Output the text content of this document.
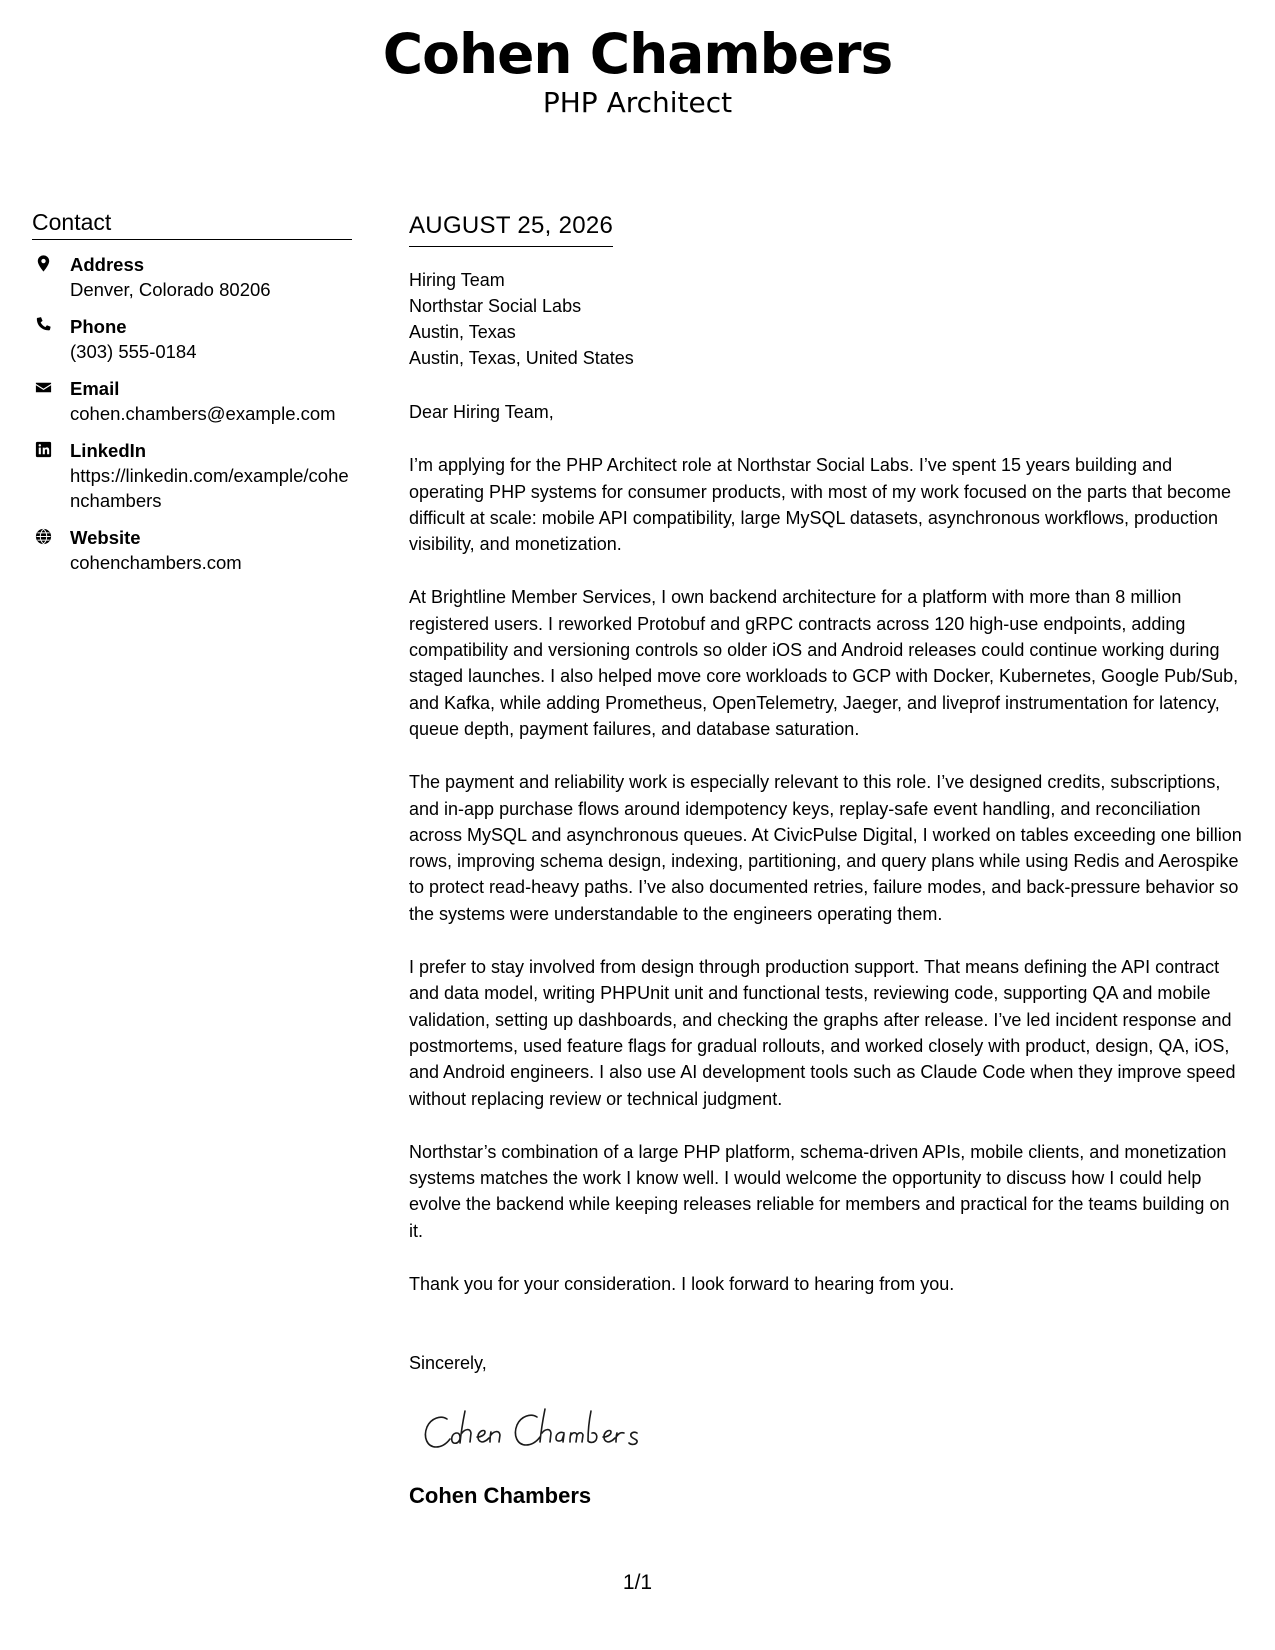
Cohen Chambers
PHP Architect
Contact
Address
Denver, Colorado 80206
Phone
(303) 555-0184
Email
cohen.chambers@example.com
LinkedIn
https://linkedin.com/example/cohenchambers
Website
cohenchambers.com
AUGUST 25, 2026
Hiring Team
Northstar Social Labs
Austin, Texas
Austin, Texas, United States
Dear Hiring Team,
I’m applying for the PHP Architect role at Northstar Social Labs. I’ve spent 15 years building and operating PHP systems for consumer products, with most of my work focused on the parts that become difficult at scale: mobile API compatibility, large MySQL datasets, asynchronous workflows, production visibility, and monetization.
At Brightline Member Services, I own backend architecture for a platform with more than 8 million registered users. I reworked Protobuf and gRPC contracts across 120 high-use endpoints, adding compatibility and versioning controls so older iOS and Android releases could continue working during staged launches. I also helped move core workloads to GCP with Docker, Kubernetes, Google Pub/Sub, and Kafka, while adding Prometheus, OpenTelemetry, Jaeger, and liveprof instrumentation for latency, queue depth, payment failures, and database saturation.
The payment and reliability work is especially relevant to this role. I’ve designed credits, subscriptions, and in-app purchase flows around idempotency keys, replay-safe event handling, and reconciliation across MySQL and asynchronous queues. At CivicPulse Digital, I worked on tables exceeding one billion rows, improving schema design, indexing, partitioning, and query plans while using Redis and Aerospike to protect read-heavy paths. I’ve also documented retries, failure modes, and back-pressure behavior so the systems were understandable to the engineers operating them.
I prefer to stay involved from design through production support. That means defining the API contract and data model, writing PHPUnit unit and functional tests, reviewing code, supporting QA and mobile validation, setting up dashboards, and checking the graphs after release. I’ve led incident response and postmortems, used feature flags for gradual rollouts, and worked closely with product, design, QA, iOS, and Android engineers. I also use AI development tools such as Claude Code when they improve speed without replacing review or technical judgment.
Northstar’s combination of a large PHP platform, schema-driven APIs, mobile clients, and monetization systems matches the work I know well. I would welcome the opportunity to discuss how I could help evolve the backend while keeping releases reliable for members and practical for the teams building on it.
Thank you for your consideration. I look forward to hearing from you.
Sincerely,
Cohen Chambers
1/1
